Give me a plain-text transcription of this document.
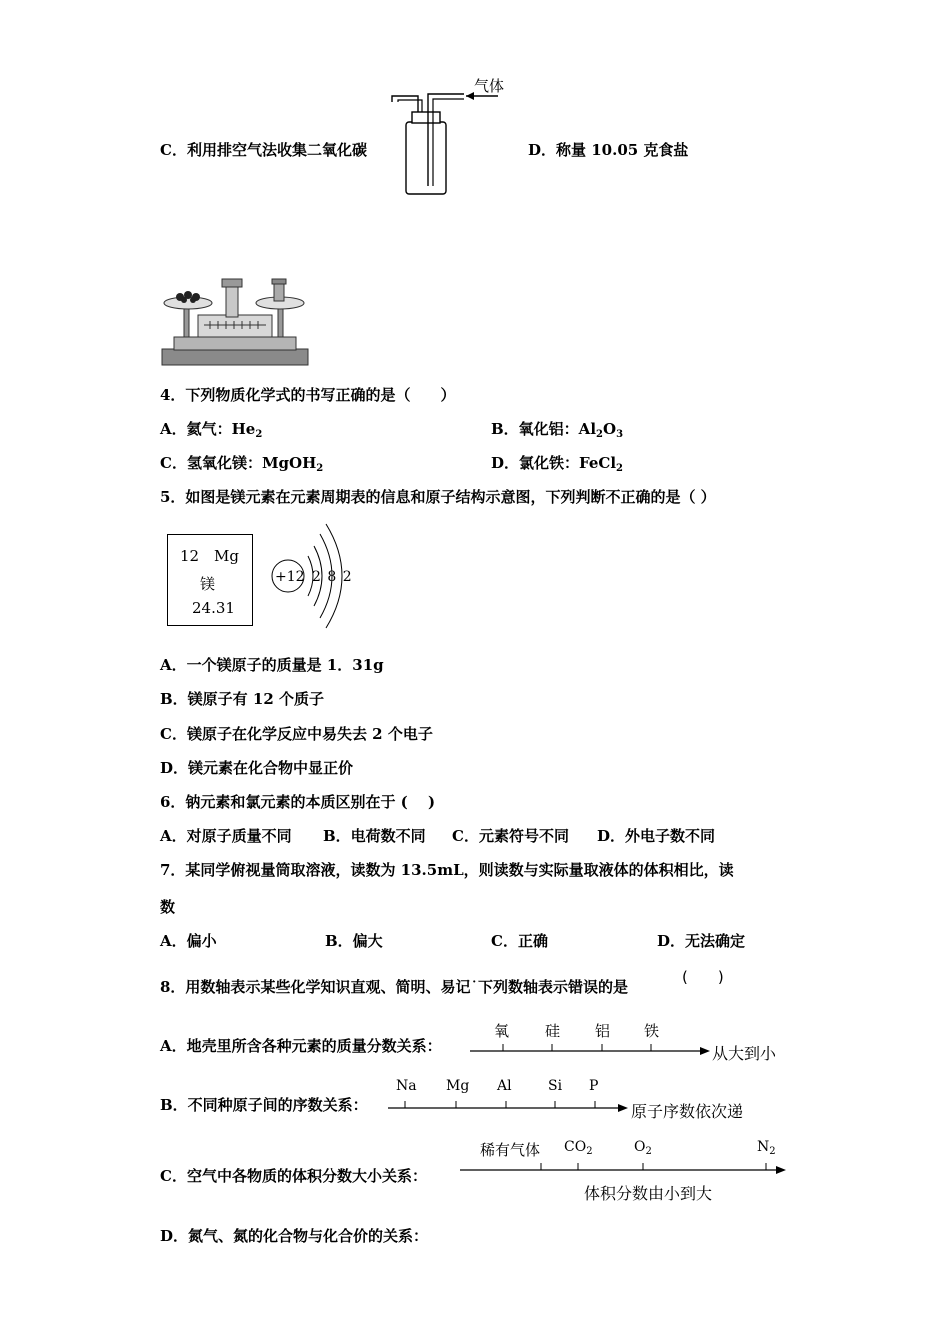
C．利用排空气法收集二氧化碳	D．称量 10.05 克食盐
气体
4．下列物质化学式的书写正确的是（　　）
A．氦气：$He_2$	B．氧化铝：$Al_2O_3$
C．氢氧化镁：MgOH$_2$	D．氯化铁：FeCl$_2$
5．如图是镁元素在元素周期表的信息和原子结构示意图，下列判断不正确的是（ ）
12 Mg
镁
24.31
+12 2 8 2
A．一个镁原子的质量是 1．31g
B．镁原子有 12 个质子
C．镁原子在化学反应中易失去 2 个电子
D．镁元素在化合物中显正价
6．钠元素和氯元素的本质区别在于 (　 )
A．对原子质量不同 B．电荷数不同 C．元素符号不同 D．外电子数不同
7．某同学俯视量筒取溶液，读数为 13.5mL，则读数与实际量取液体的体积相比，读
数
A．偏小	B．偏大	C．正确	D．无法确定
8．用数轴表示某些化学知识直观、简明、易记˙下列数轴表示错误的是
(　　)
A．地壳里所含各种元素的质量分数关系：
氧 硅 铝 铁
从大到小
B．不同种原子间的序数关系：
Na Mg Al	Si P
原子序数依次递
C．空气中各物质的体积分数大小关系：
稀有气体 $CO_2$	$O_2$	$N_2$
体积分数由小到大
D．氮气、氮的化合物与化合价的关系：
